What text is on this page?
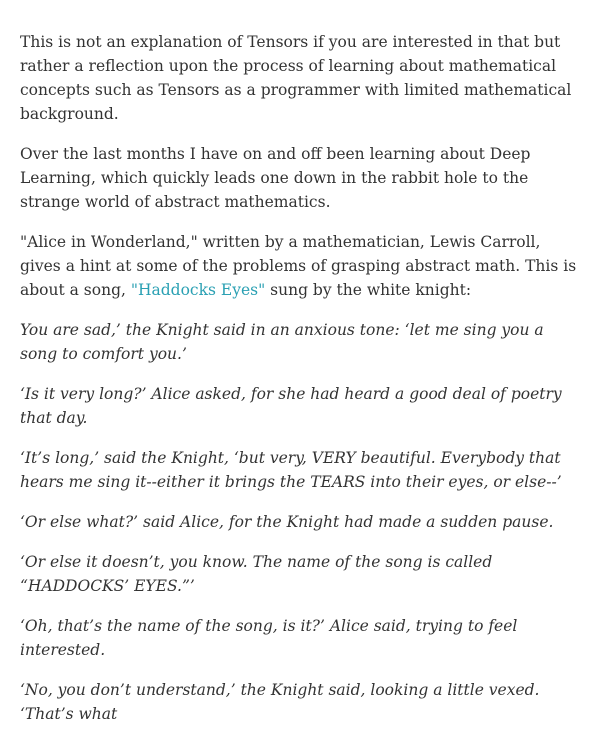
This is not an explanation of Tensors if you are interested in that but rather a reflection upon the process of learning about mathematical concepts such as Tensors as a programmer with limited mathematical background.

Over the last months I have on and off been learning about Deep Learning, which quickly leads one down in the rabbit hole to the strange world of abstract mathematics.

"Alice in Wonderland," written by a mathematician, Lewis Carroll, gives a hint at some of the problems of grasping abstract math. This is about a song, "Haddocks Eyes" sung by the white knight:

You are sad,’ the Knight said in an anxious tone: ‘let me sing you a song to comfort you.’

‘Is it very long?’ Alice asked, for she had heard a good deal of poetry that day.

‘It’s long,’ said the Knight, ‘but very, VERY beautiful. Everybody that hears me sing it--either it brings the TEARS into their eyes, or else--’

‘Or else what?’ said Alice, for the Knight had made a sudden pause.

‘Or else it doesn’t, you know. The name of the song is called “HADDOCKS’ EYES.”’

‘Oh, that’s the name of the song, is it?’ Alice said, trying to feel interested.

‘No, you don’t understand,’ the Knight said, looking a little vexed. ‘That’s what
